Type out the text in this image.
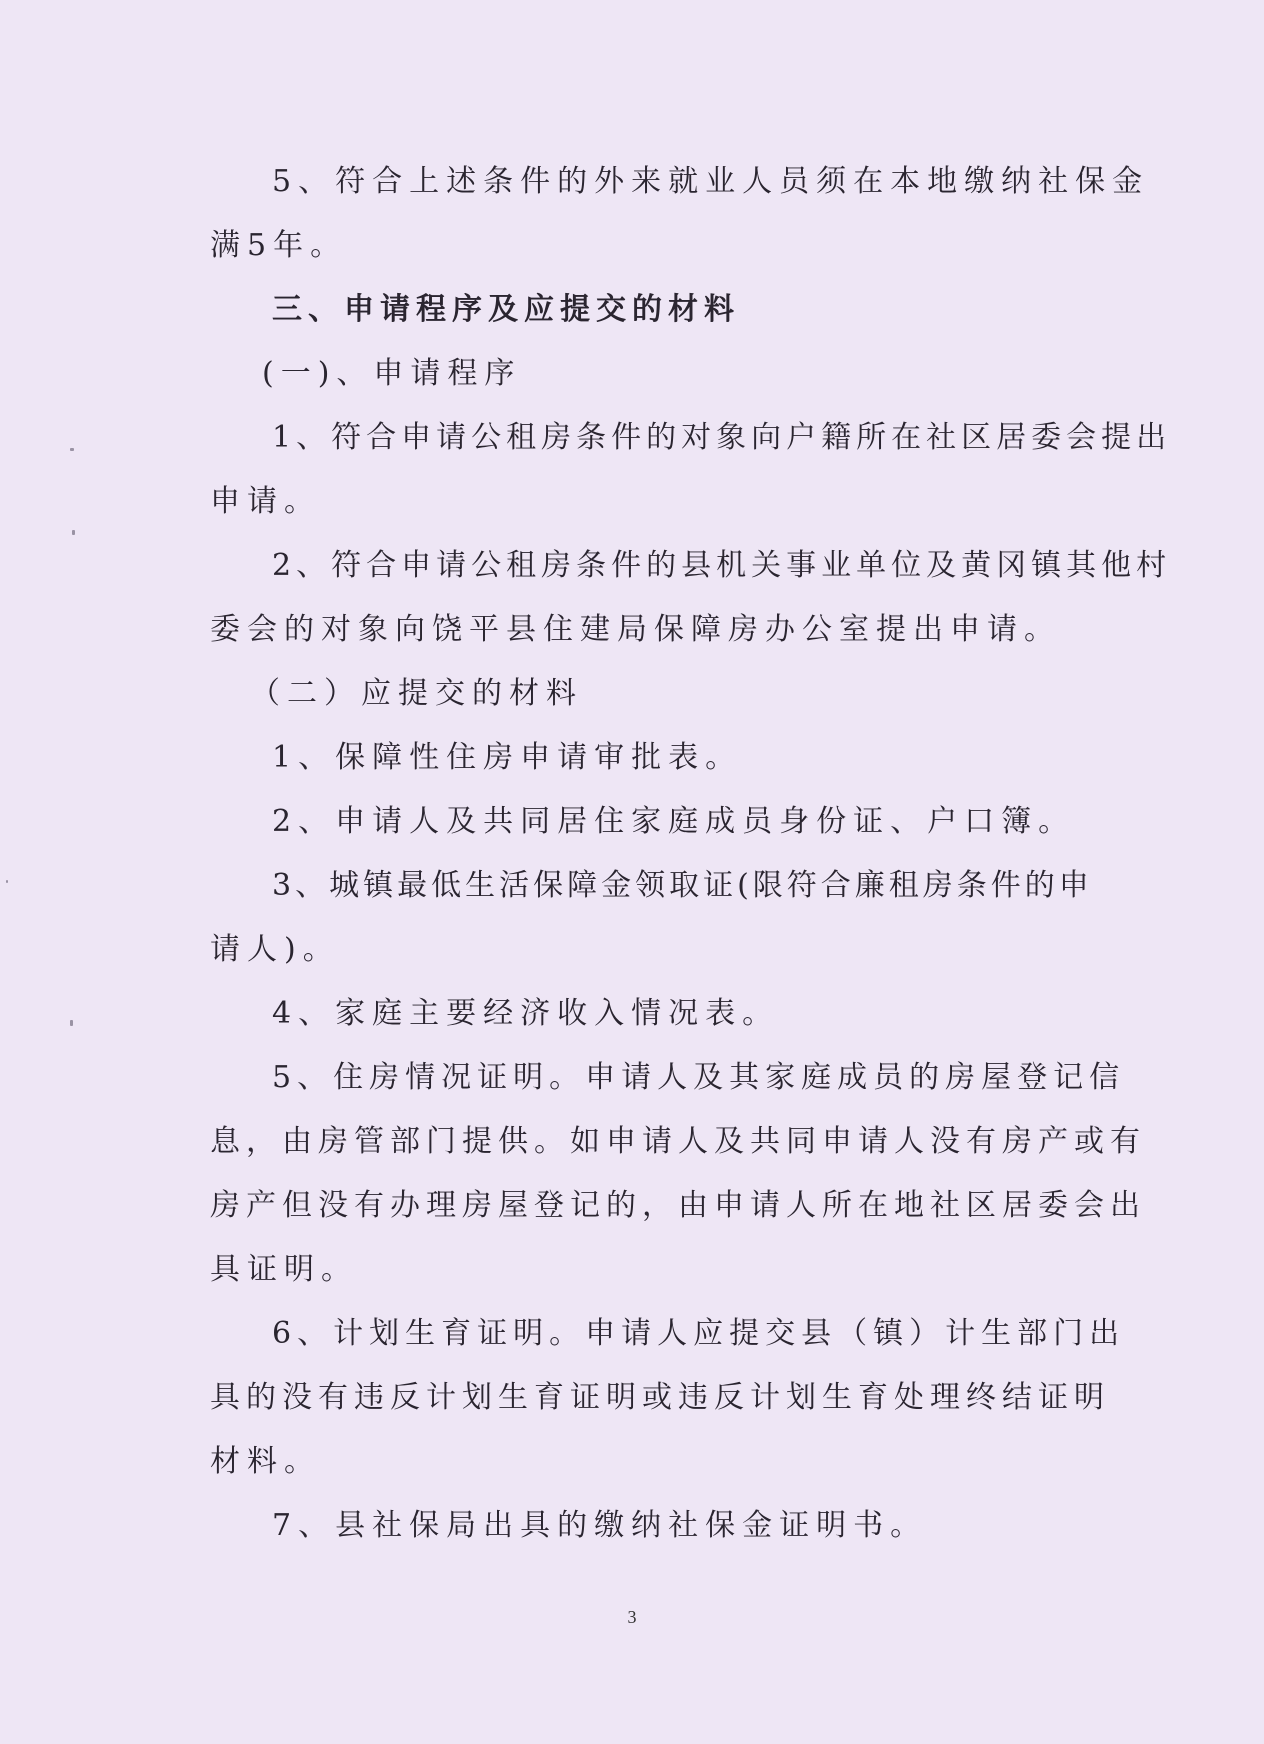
5、符合上述条件的外来就业人员须在本地缴纳社保金
满5年。
三、申请程序及应提交的材料
(一)、申请程序
1、符合申请公租房条件的对象向户籍所在社区居委会提出
申请。
2、符合申请公租房条件的县机关事业单位及黄冈镇其他村
委会的对象向饶平县住建局保障房办公室提出申请。
（二）应提交的材料
1、保障性住房申请审批表。
2、申请人及共同居住家庭成员身份证、户口簿。
3、城镇最低生活保障金领取证(限符合廉租房条件的申
请人)。
4、家庭主要经济收入情况表。
5、住房情况证明。申请人及其家庭成员的房屋登记信
息，由房管部门提供。如申请人及共同申请人没有房产或有
房产但没有办理房屋登记的，由申请人所在地社区居委会出
具证明。
6、计划生育证明。申请人应提交县（镇）计生部门出
具的没有违反计划生育证明或违反计划生育处理终结证明
材料。
7、县社保局出具的缴纳社保金证明书。
3
